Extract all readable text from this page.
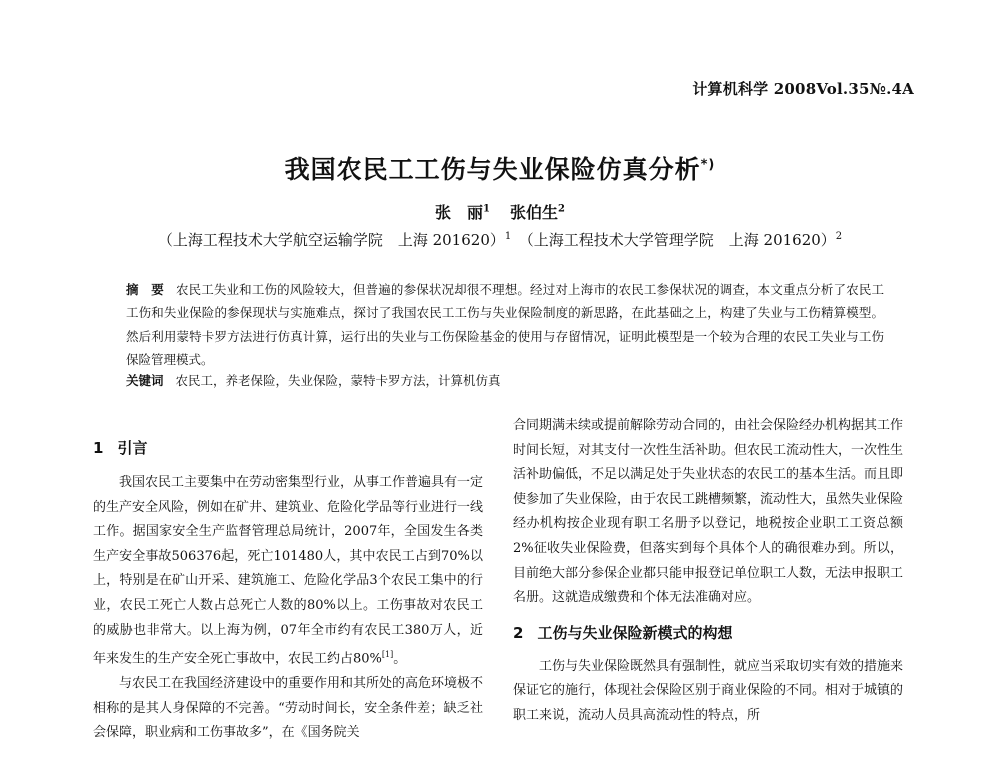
计算机科学 2008Vol.35№.4A
我国农民工工伤与失业保险仿真分析*)
张　丽$^1$ 张伯生$^2$
（上海工程技术大学航空运输学院　上海 201620）$^1$　 （上海工程技术大学管理学院　上海 201620）$^2$

摘　要 农民工失业和工伤的风险较大，但普遍的参保状况却很不理想。经过对上海市的农民工参保状况的调查，本文重点分析了农民工工伤和失业保险的参保现状与实施难点，探讨了我国农民工工伤与失业保险制度的新思路，在此基础之上，构建了失业与工伤精算模型。然后利用蒙特卡罗方法进行仿真计算，运行出的失业与工伤保险基金的使用与存留情况，证明此模型是一个较为合理的农民工失业与工伤保险管理模式。

关键词 农民工，养老保险，失业保险，蒙特卡罗方法，计算机仿真
1 引言

我国农民工主要集中在劳动密集型行业，从事工作普遍具有一定的生产安全风险，例如在矿井、建筑业、危险化学品等行业进行一线工作。据国家安全生产监督管理总局统计，2007年，全国发生各类生产安全事故506376起，死亡101480人，其中农民工占到70%以上，特别是在矿山开采、建筑施工、危险化学品3个农民工集中的行业，农民工死亡人数占总死亡人数的80%以上。工伤事故对农民工的威胁也非常大。以上海为例，07年全市约有农民工380万人，近年来发生的生产安全死亡事故中，农民工约占80%[1]。

与农民工在我国经济建设中的重要作用和其所处的高危环境极不相称的是其人身保障的不完善。“劳动时间长，安全条件差；缺乏社会保障，职业病和工伤事故多”，在《国务院关

合同期满未续或提前解除劳动合同的，由社会保险经办机构据其工作时间长短，对其支付一次性生活补助。但农民工流动性大，一次性生活补助偏低，不足以满足处于失业状态的农民工的基本生活。而且即使参加了失业保险，由于农民工跳槽频繁，流动性大，虽然失业保险经办机构按企业现有职工名册予以登记，地税按企业职工工资总额2%征收失业保险费，但落实到每个具体个人的确很难办到。所以，目前绝大部分参保企业都只能申报登记单位职工人数，无法申报职工名册。这就造成缴费和个体无法准确对应。

2 工伤与失业保险新模式的构想

工伤与失业保险既然具有强制性，就应当采取切实有效的措施来保证它的施行，体现社会保险区别于商业保险的不同。相对于城镇的职工来说，流动人员具高流动性的特点，所
